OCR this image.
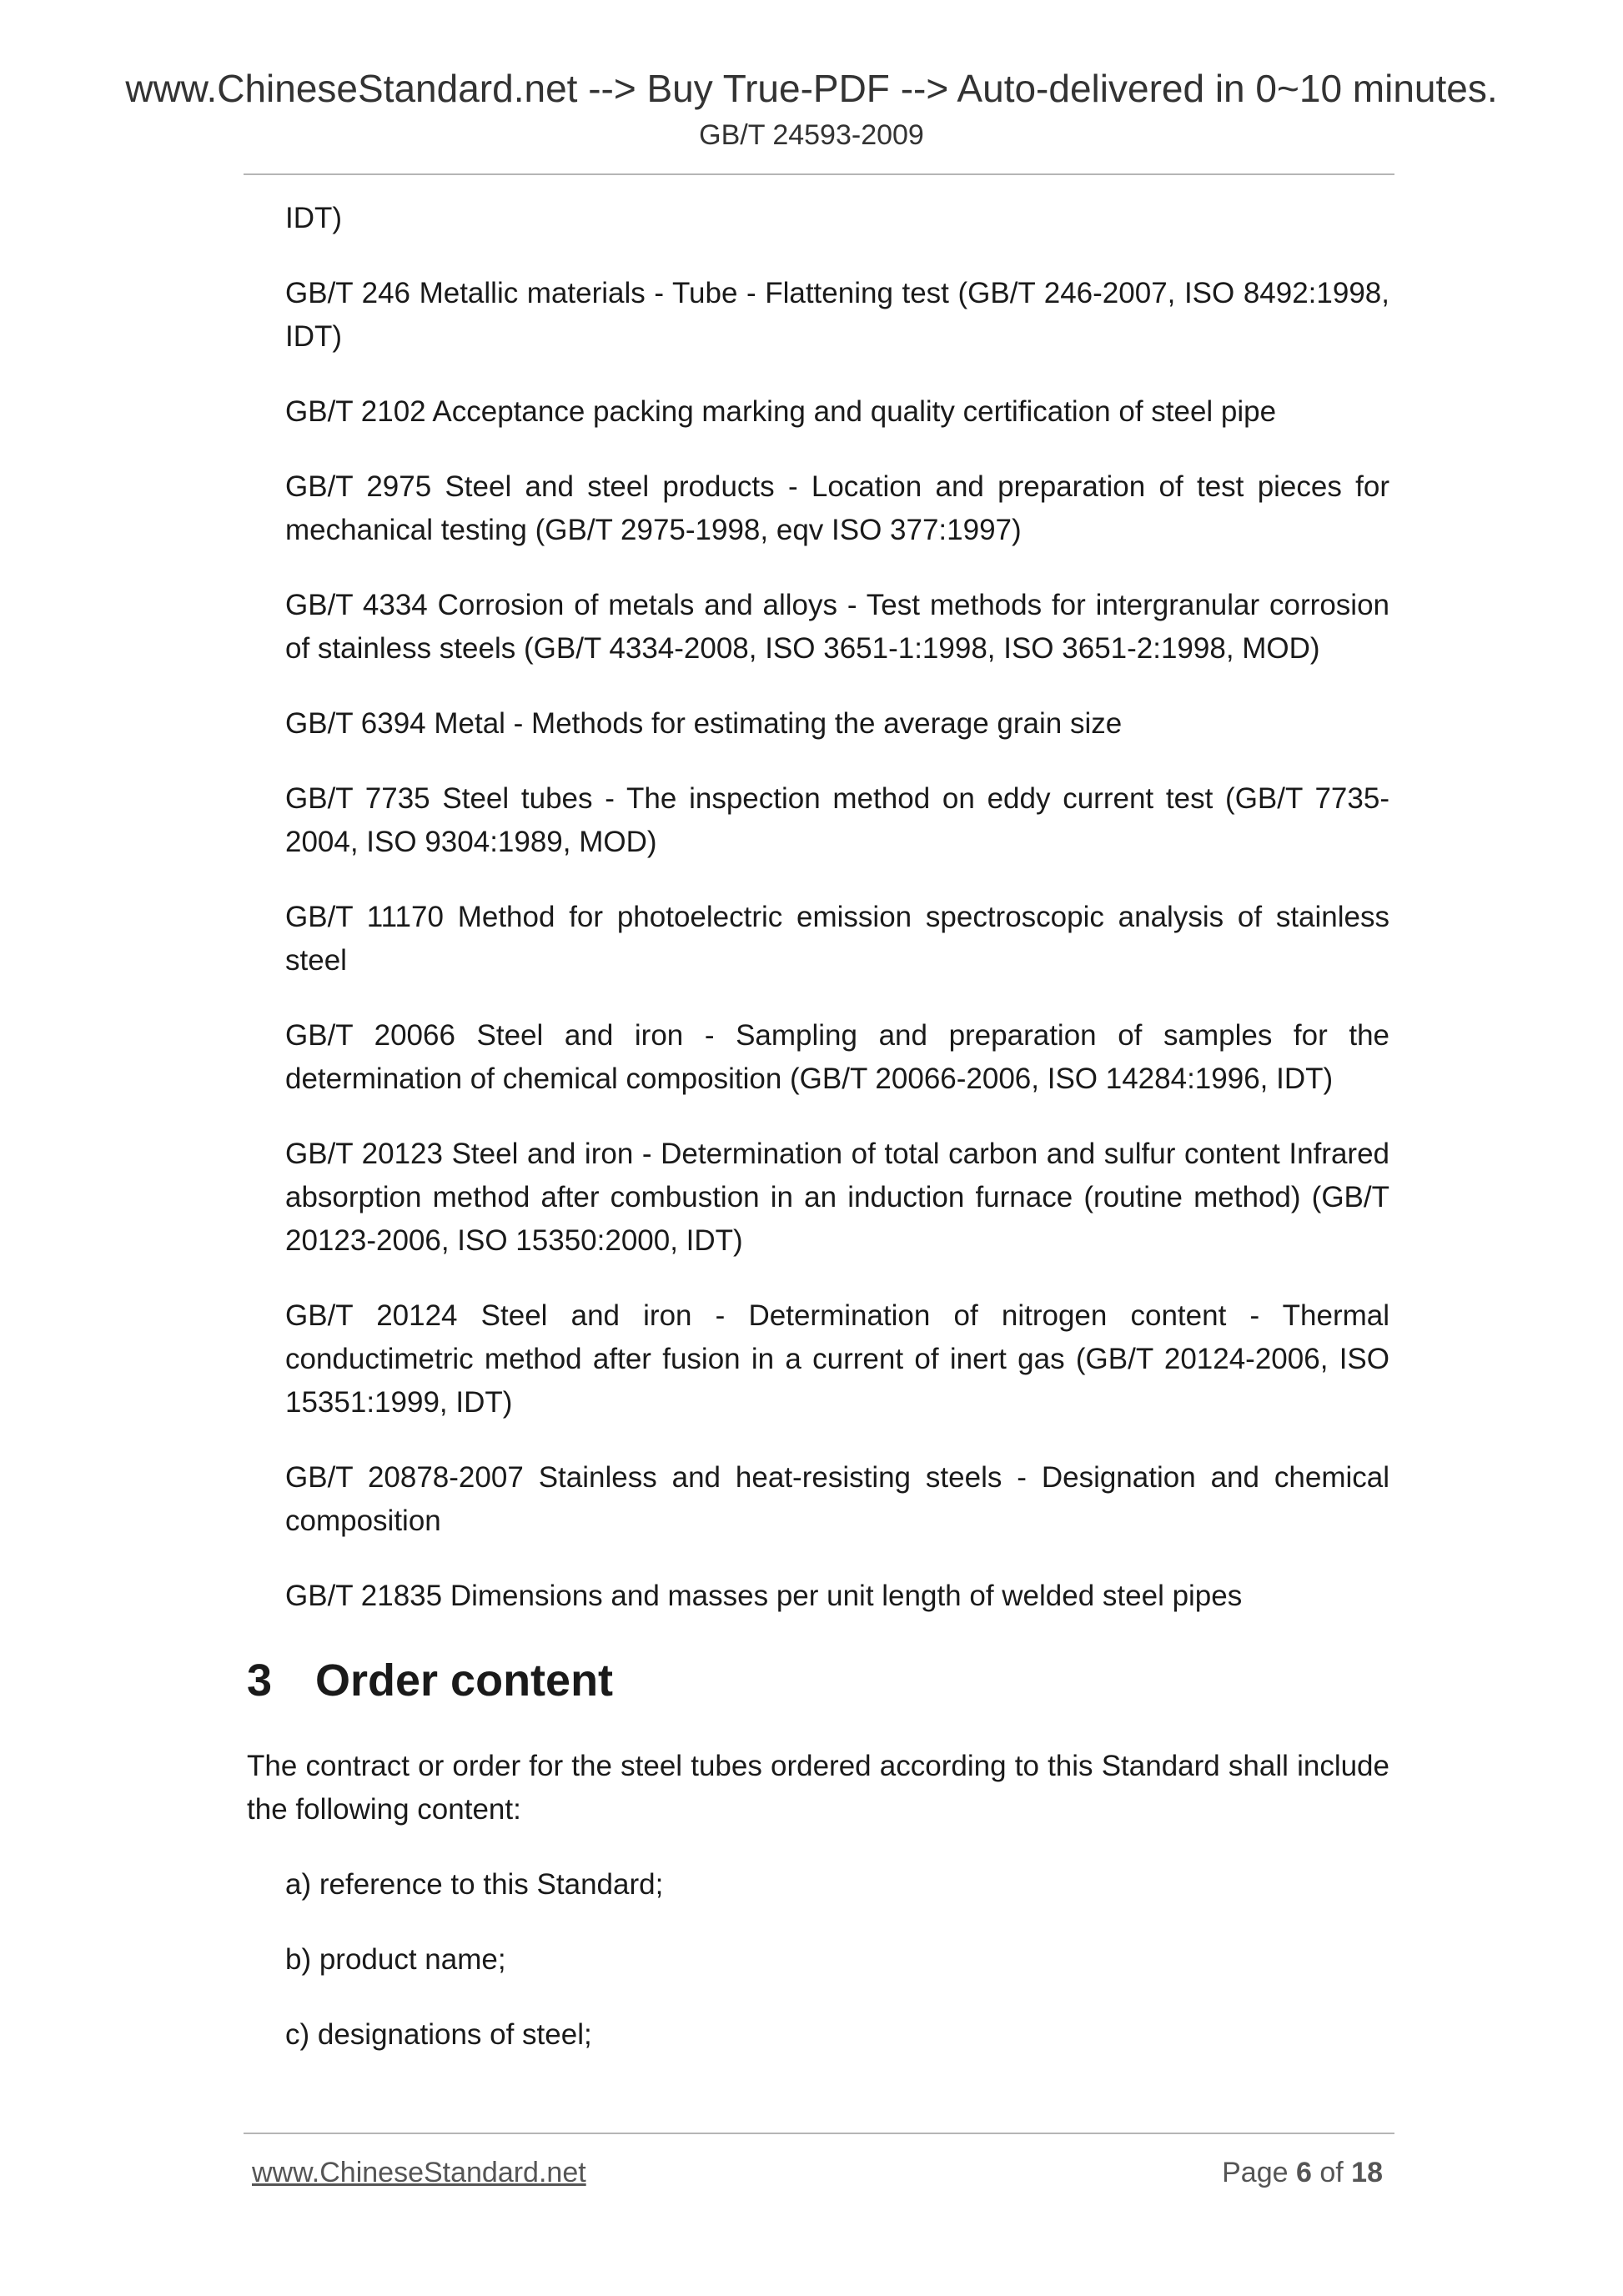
www.ChineseStandard.net --> Buy True-PDF --> Auto-delivered in 0~10 minutes.
GB/T 24593-2009

IDT)

GB/T 246 Metallic materials - Tube - Flattening test (GB/T 246-2007, ISO 8492:1998, IDT)

GB/T 2102 Acceptance packing marking and quality certification of steel pipe

GB/T 2975 Steel and steel products - Location and preparation of test pieces for mechanical testing (GB/T 2975-1998, eqv ISO 377:1997)

GB/T 4334 Corrosion of metals and alloys - Test methods for intergranular corrosion of stainless steels (GB/T 4334-2008, ISO 3651-1:1998, ISO 3651-2:1998, MOD)

GB/T 6394 Metal - Methods for estimating the average grain size

GB/T 7735 Steel tubes - The inspection method on eddy current test (GB/T 7735-2004, ISO 9304:1989, MOD)

GB/T 11170 Method for photoelectric emission spectroscopic analysis of stainless steel

GB/T 20066 Steel and iron - Sampling and preparation of samples for the determination of chemical composition (GB/T 20066-2006, ISO 14284:1996, IDT)

GB/T 20123 Steel and iron - Determination of total carbon and sulfur content Infrared absorption method after combustion in an induction furnace (routine method) (GB/T 20123-2006, ISO 15350:2000, IDT)

GB/T 20124 Steel and iron - Determination of nitrogen content - Thermal conductimetric method after fusion in a current of inert gas (GB/T 20124-2006, ISO 15351:1999, IDT)

GB/T 20878-2007 Stainless and heat-resisting steels - Designation and chemical composition

GB/T 21835 Dimensions and masses per unit length of welded steel pipes

3 Order content

The contract or order for the steel tubes ordered according to this Standard shall include the following content:

a) reference to this Standard;

b) product name;

c) designations of steel;

www.ChineseStandard.net	Page 6 of 18
